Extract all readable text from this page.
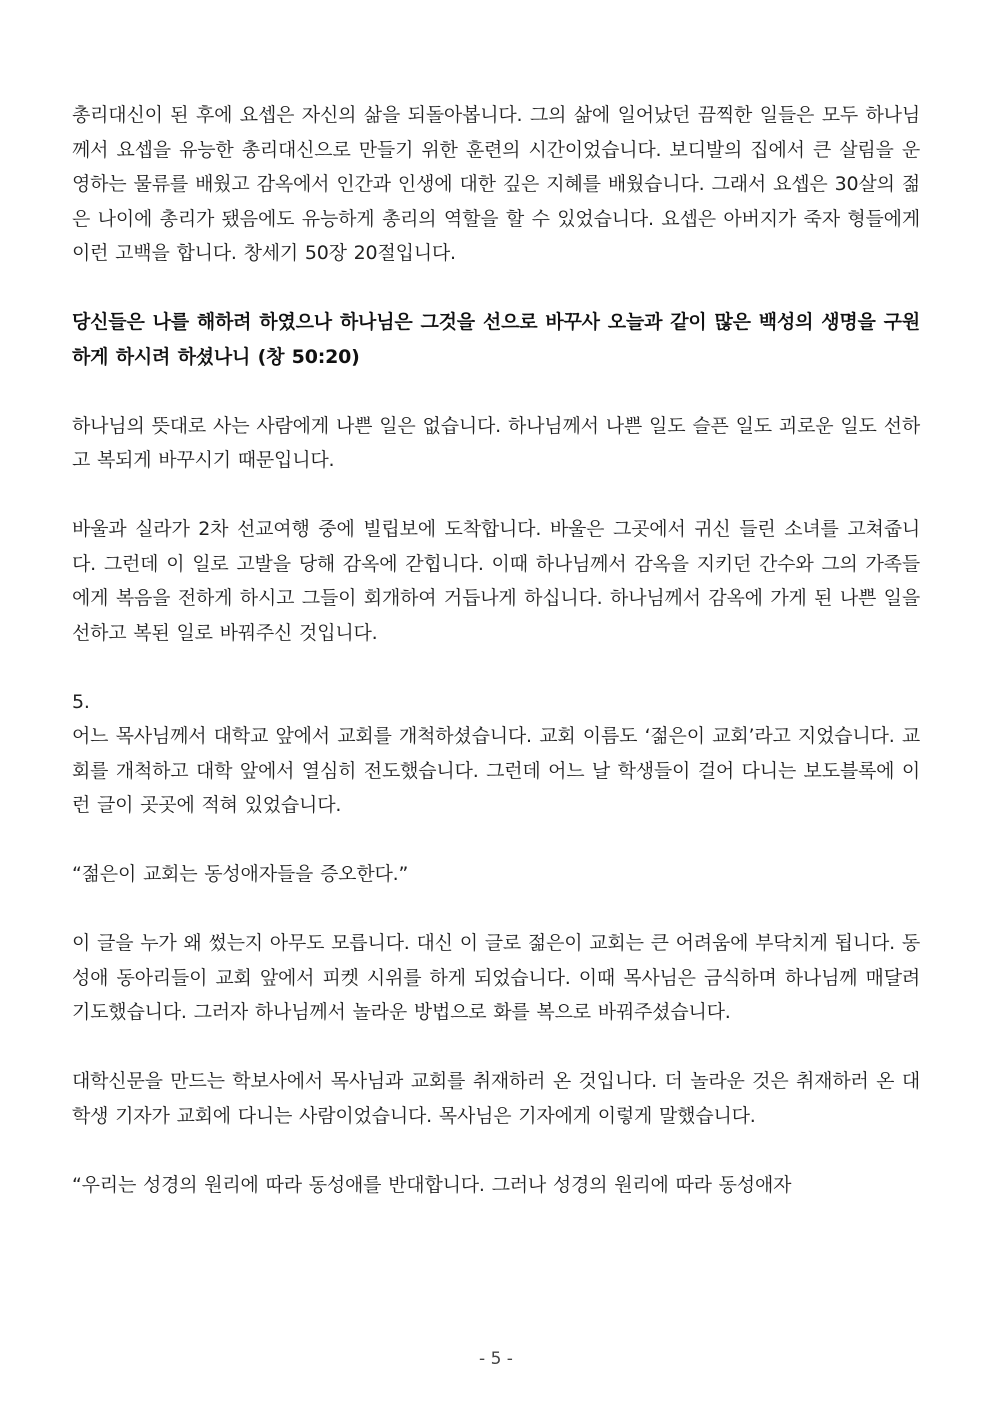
총리대신이 된 후에 요셉은 자신의 삶을 되돌아봅니다. 그의 삶에 일어났던 끔찍한 일들은 모두 하나님께서 요셉을 유능한 총리대신으로 만들기 위한 훈련의 시간이었습니다. 보디발의 집에서 큰 살림을 운영하는 물류를 배웠고 감옥에서 인간과 인생에 대한 깊은 지혜를 배웠습니다. 그래서 요셉은 30살의 젊은 나이에 총리가 됐음에도 유능하게 총리의 역할을 할 수 있었습니다. 요셉은 아버지가 죽자 형들에게 이런 고백을 합니다. 창세기 50장 20절입니다.

당신들은 나를 해하려 하였으나 하나님은 그것을 선으로 바꾸사 오늘과 같이 많은 백성의 생명을 구원하게 하시려 하셨나니 (창 50:20)

하나님의 뜻대로 사는 사람에게 나쁜 일은 없습니다. 하나님께서 나쁜 일도 슬픈 일도 괴로운 일도 선하고 복되게 바꾸시기 때문입니다.

바울과 실라가 2차 선교여행 중에 빌립보에 도착합니다. 바울은 그곳에서 귀신 들린 소녀를 고쳐줍니다. 그런데 이 일로 고발을 당해 감옥에 갇힙니다. 이때 하나님께서 감옥을 지키던 간수와 그의 가족들에게 복음을 전하게 하시고 그들이 회개하여 거듭나게 하십니다. 하나님께서 감옥에 가게 된 나쁜 일을 선하고 복된 일로 바꿔주신 것입니다.

5.

어느 목사님께서 대학교 앞에서 교회를 개척하셨습니다. 교회 이름도 ‘젊은이 교회’라고 지었습니다. 교회를 개척하고 대학 앞에서 열심히 전도했습니다. 그런데 어느 날 학생들이 걸어 다니는 보도블록에 이런 글이 곳곳에 적혀 있었습니다.

“젊은이 교회는 동성애자들을 증오한다.”

이 글을 누가 왜 썼는지 아무도 모릅니다. 대신 이 글로 젊은이 교회는 큰 어려움에 부닥치게 됩니다. 동성애 동아리들이 교회 앞에서 피켓 시위를 하게 되었습니다. 이때 목사님은 금식하며 하나님께 매달려 기도했습니다. 그러자 하나님께서 놀라운 방법으로 화를 복으로 바꿔주셨습니다.

대학신문을 만드는 학보사에서 목사님과 교회를 취재하러 온 것입니다. 더 놀라운 것은 취재하러 온 대학생 기자가 교회에 다니는 사람이었습니다. 목사님은 기자에게 이렇게 말했습니다.

“우리는 성경의 원리에 따라 동성애를 반대합니다. 그러나 성경의 원리에 따라 동성애자

- 5 -
